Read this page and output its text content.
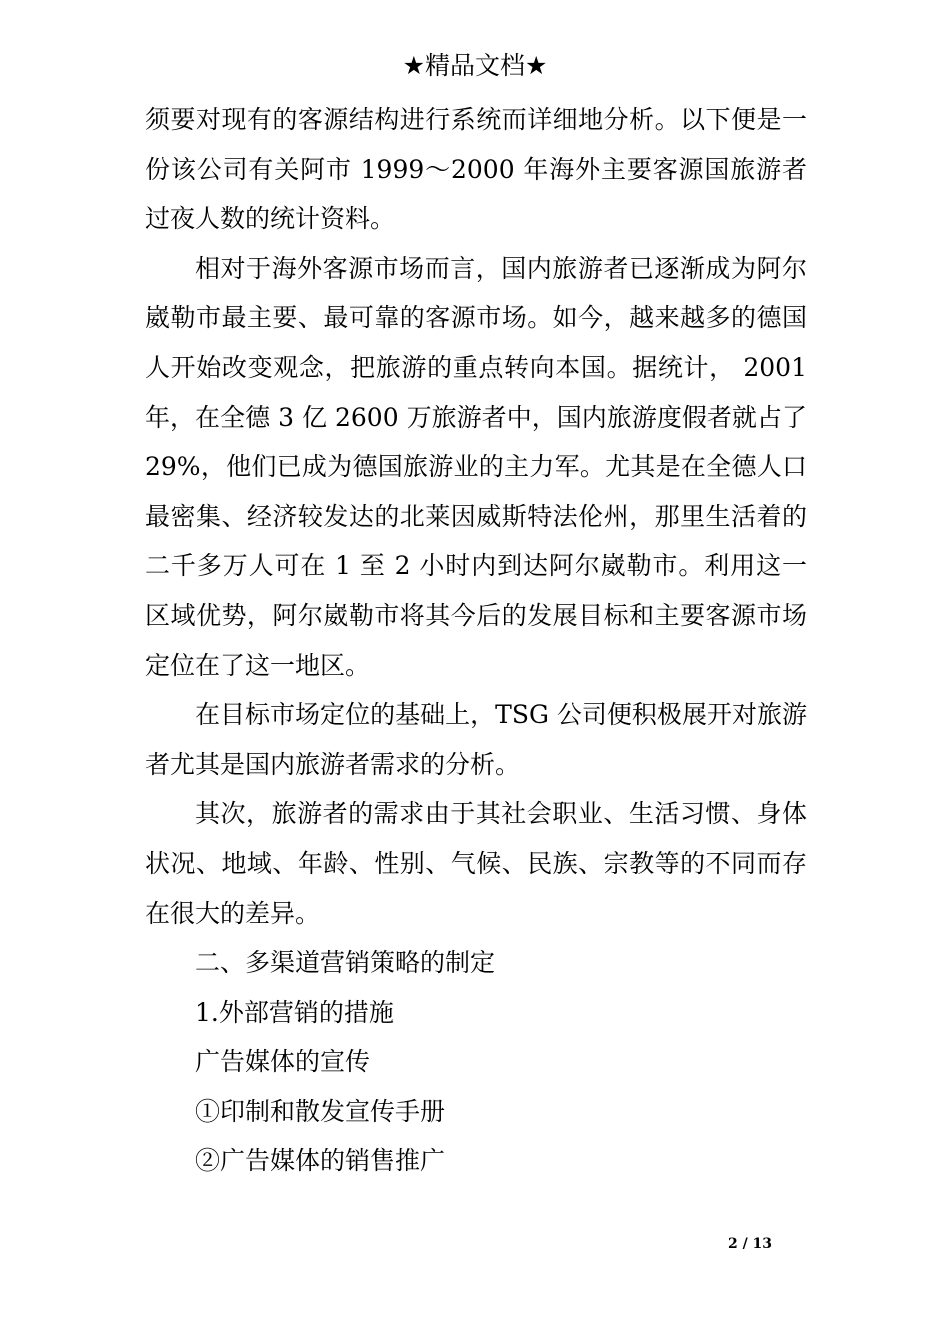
★精品文档★

须要对现有的客源结构进行系统而详细地分析。以下便是一份该公司有关阿市 1999～2000 年海外主要客源国旅游者过夜人数的统计资料。

相对于海外客源市场而言，国内旅游者已逐渐成为阿尔崴勒市最主要、最可靠的客源市场。如今，越来越多的德国人开始改变观念，把旅游的重点转向本国。据统计， 2001年，在全德 3 亿 2600 万旅游者中，国内旅游度假者就占了 29%，他们已成为德国旅游业的主力军。尤其是在全德人口最密集、经济较发达的北莱因威斯特法伦州，那里生活着的二千多万人可在 1 至 2 小时内到达阿尔崴勒市。利用这一区域优势，阿尔崴勒市将其今后的发展目标和主要客源市场定位在了这一地区。

在目标市场定位的基础上，TSG 公司便积极展开对旅游者尤其是国内旅游者需求的分析。

其次，旅游者的需求由于其社会职业、生活习惯、身体状况、地域、年龄、性别、气候、民族、宗教等的不同而存在很大的差异。

二、多渠道营销策略的制定

1.外部营销的措施

广告媒体的宣传

①印制和散发宣传手册

②广告媒体的销售推广

2 / 13
